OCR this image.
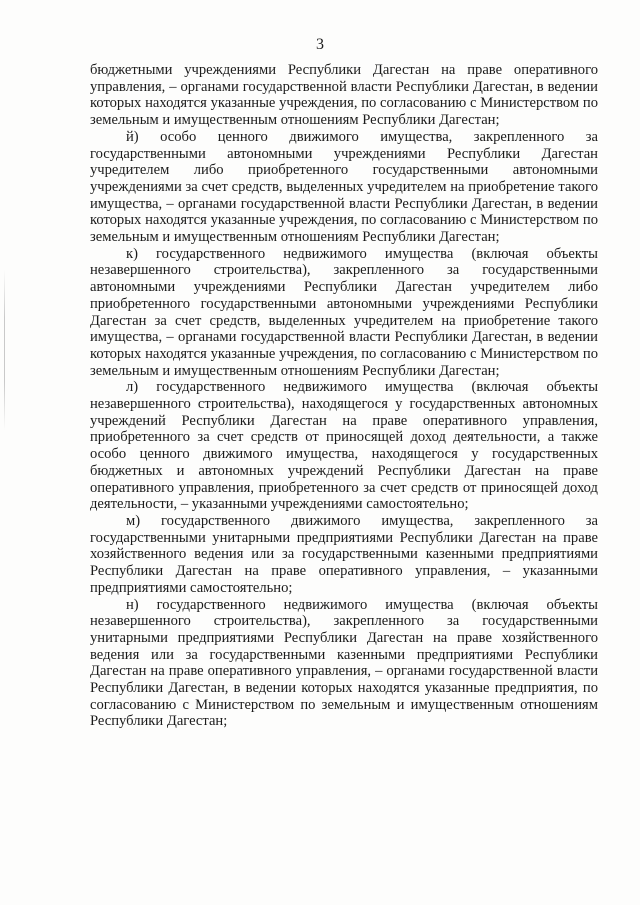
3

бюджетными учреждениями Республики Дагестан на праве оперативного управления, – органами государственной власти Республики Дагестан, в ведении которых находятся указанные учреждения, по согласованию с Министерством по земельным и имущественным отношениям Республики Дагестан;

й) особо ценного движимого имущества, закрепленного за государственными автономными учреждениями Республики Дагестан учредителем либо приобретенного государственными автономными учреждениями за счет средств, выделенных учредителем на приобретение такого имущества, – органами государственной власти Республики Дагестан, в ведении которых находятся указанные учреждения, по согласованию с Министерством по земельным и имущественным отношениям Республики Дагестан;

к) государственного недвижимого имущества (включая объекты незавершенного строительства), закрепленного за государственными автономными учреждениями Республики Дагестан учредителем либо приобретенного государственными автономными учреждениями Республики Дагестан за счет средств, выделенных учредителем на приобретение такого имущества, – органами государственной власти Республики Дагестан, в ведении которых находятся указанные учреждения, по согласованию с Министерством по земельным и имущественным отношениям Республики Дагестан;

л) государственного недвижимого имущества (включая объекты незавершенного строительства), находящегося у государственных автономных учреждений Республики Дагестан на праве оперативного управления, приобретенного за счет средств от приносящей доход деятельности, а также особо ценного движимого имущества, находящегося у государственных бюджетных и автономных учреждений Республики Дагестан на праве оперативного управления, приобретенного за счет средств от приносящей доход деятельности, – указанными учреждениями самостоятельно;

м) государственного движимого имущества, закрепленного за государственными унитарными предприятиями Республики Дагестан на праве хозяйственного ведения или за государственными казенными предприятиями Республики Дагестан на праве оперативного управления, – указанными предприятиями самостоятельно;

н) государственного недвижимого имущества (включая объекты незавершенного строительства), закрепленного за государственными унитарными предприятиями Республики Дагестан на праве хозяйственного ведения или за государственными казенными предприятиями Республики Дагестан на праве оперативного управления, – органами государственной власти Республики Дагестан, в ведении которых находятся указанные предприятия, по согласованию с Министерством по земельным и имущественным отношениям Республики Дагестан;
